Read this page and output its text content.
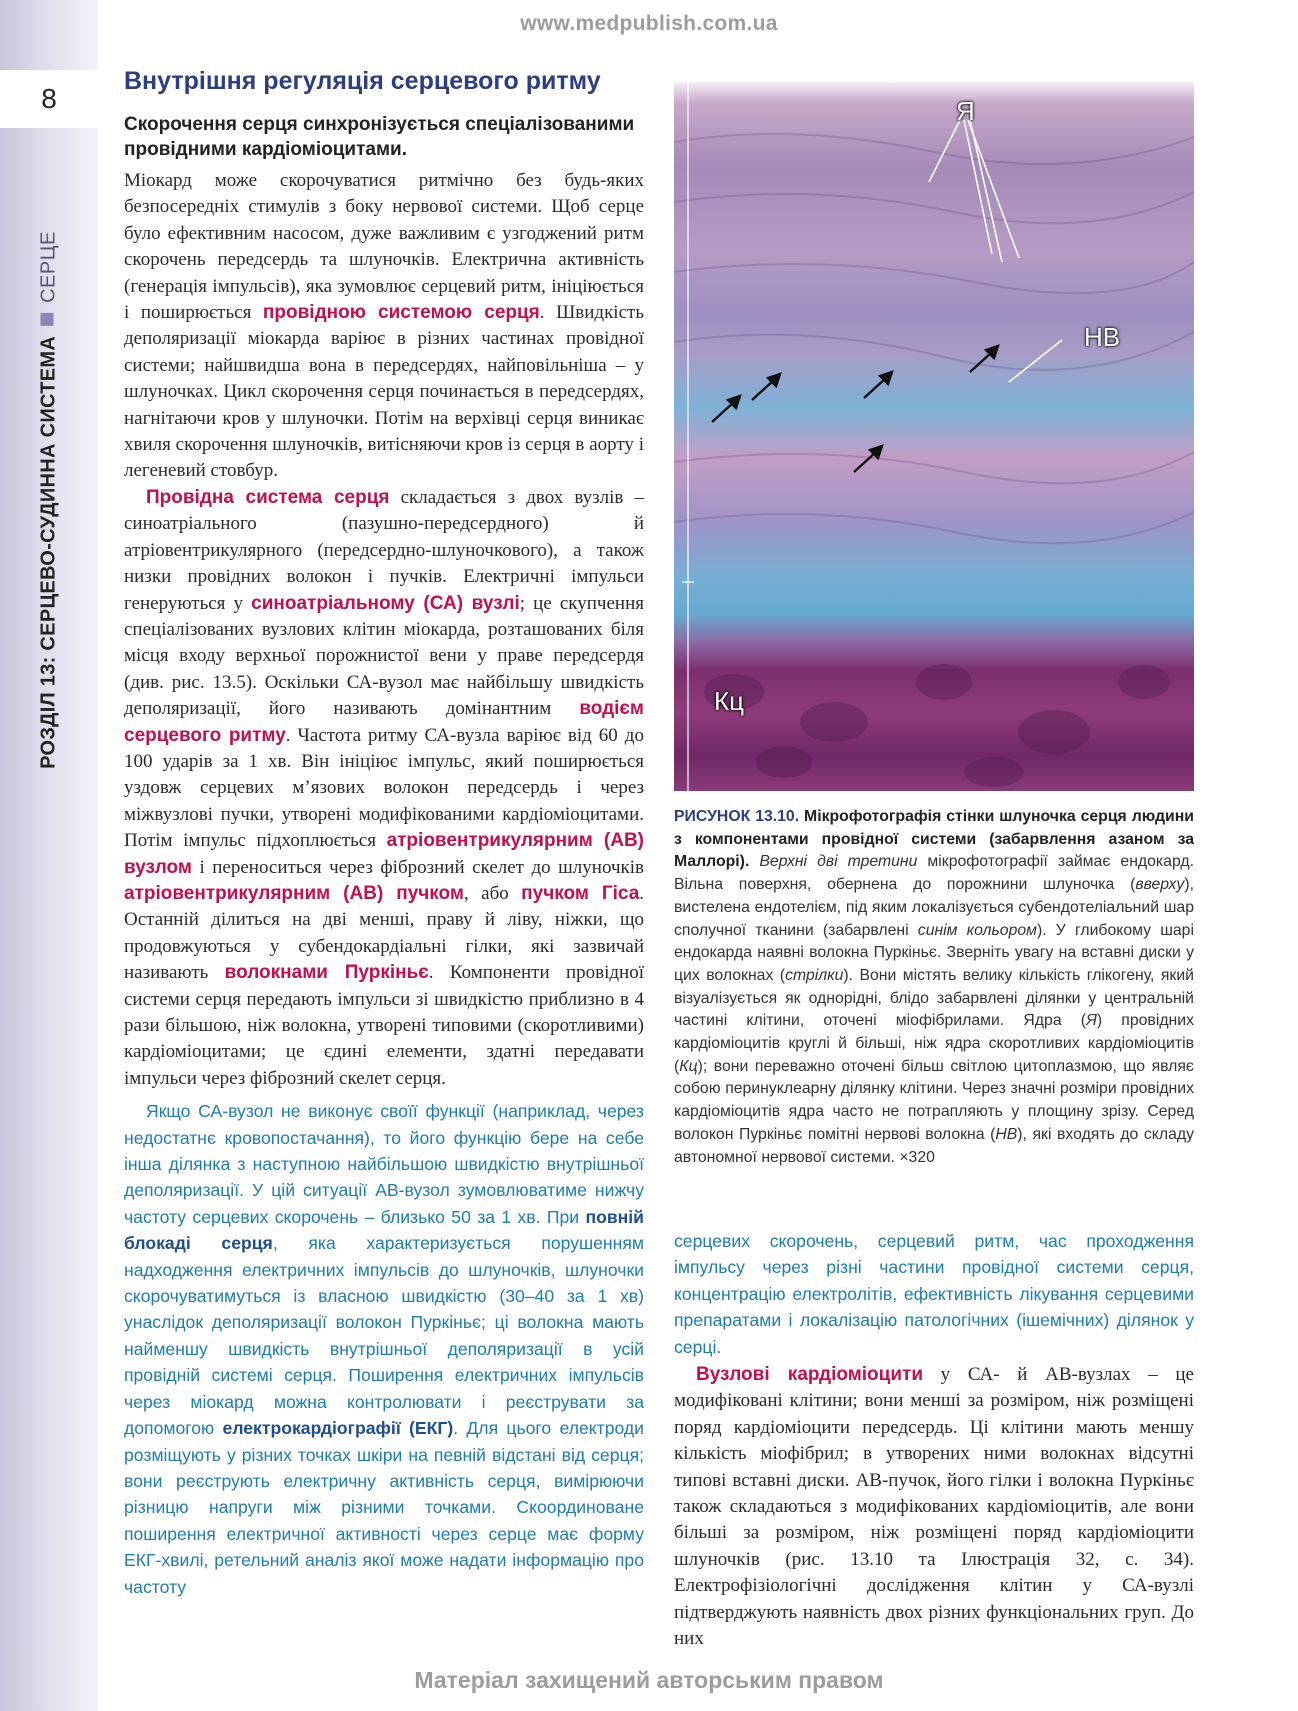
8
РОЗДІЛ 13: СЕРЦЕВО-СУДИННА СИСТЕМАСЕРЦЕ
www.medpublish.com.ua
Внутрішня регуляція серцевого ритму
Скорочення серця синхронізується спеціалізованими провідними кардіоміоцитами.

Міокард може скорочуватися ритмічно без будь-яких безпосередніх стимулів з боку нервової системи. Щоб серце було ефективним насосом, дуже важливим є узгоджений ритм скорочень передсердь та шлуночків. Електрична активність (генерація імпульсів), яка зумовлює серцевий ритм, ініціюється і поширюється провідною системою серця. Швидкість деполяризації міокарда варіює в різних частинах провідної системи; найшвидша вона в передсердях, найповільніша – у шлуночках. Цикл скорочення серця починається в передсердях, нагнітаючи кров у шлуночки. Потім на верхівці серця виникає хвиля скорочення шлуночків, витісняючи кров із серця в аорту і легеневий стовбур.

Провідна система серця складається з двох вузлів – синоатріального (пазушно-передсердного) й атріовентрикулярного (передсердно-шлуночкового), а також низки провідних волокон і пучків. Електричні імпульси генеруються у синоатріальному (СА) вузлі; це скупчення спеціалізованих вузлових клітин міокарда, розташованих біля місця входу верхньої порожнистої вени у праве передсердя (див. рис. 13.5). Оскільки СА-вузол має найбільшу швидкість деполяризації, його називають домінантним водієм серцевого ритму. Частота ритму СА-вузла варіює від 60 до 100 ударів за 1 хв. Він ініціює імпульс, який поширюється уздовж серцевих м’язових волокон передсердь і через міжвузлові пучки, утворені модифікованими кардіоміоцитами. Потім імпульс підхоплюється атріовентрикулярним (АВ) вузлом і переноситься через фіброзний скелет до шлуночків атріовентрикулярним (АВ) пучком, або пучком Гіса. Останній ділиться на дві менші, праву й ліву, ніжки, що продовжуються у субендокардіальні гілки, які зазвичай називають волокнами Пуркіньє. Компоненти провідної системи серця передають імпульси зі швидкістю приблизно в 4 рази більшою, ніж волокна, утворені типовими (скоротливими) кардіоміоцитами; це єдині елементи, здатні передавати імпульси через фіброзний скелет серця.

Якщо СА-вузол не виконує своїї функції (наприклад, через недостатнє кровопостачання), то його функцію бере на себе інша ділянка з наступною найбільшою швидкістю внутрішньої деполяризації. У цій ситуації АВ-вузол зумовлюватиме нижчу частоту серцевих скорочень – близько 50 за 1 хв. При повній блокаді серця, яка характеризується порушенням надходження електричних імпульсів до шлуночків, шлуночки скорочуватимуться із власною швидкістю (30–40 за 1 хв) унаслідок деполяризації волокон Пуркіньє; ці волокна мають найменшу швидкість внутрішньої деполяризації в усій провідній системі серця. Поширення електричних імпульсів через міокард можна контролювати і реєструвати за допомогою електрокардіографії (ЕКГ). Для цього електроди розміщують у різних точках шкіри на певній відстані від серця; вони реєструють електричну активність серця, вимірюючи різницю напруги між різними точками. Скоординоване поширення електричної активності через серце має форму ЕКГ-хвилі, ретельний аналіз якої може надати інформацію про частоту

Я
НВ
Кц
РИСУНОК 13.10. Мікрофотографія стінки шлуночка серця людини з компонентами провідної системи (забарвлення азаном за Маллорі). Верхні дві третини мікрофотографії займає ендокард. Вільна поверхня, обернена до порожнини шлуночка (вверху), вистелена ендотелієм, під яким локалізується субендотеліальний шар сполучної тканини (забарвлені синім кольором). У глибокому шарі ендокарда наявні волокна Пуркіньє. Зверніть увагу на вставні диски у цих волокнах (стрілки). Вони містять велику кількість глікогену, який візуалізується як однорідні, блідо забарвлені ділянки у центральній частині клітини, оточені міофібрилами. Ядра (Я) провідних кардіоміоцитів круглі й більші, ніж ядра скоротливих кардіоміоцитів (Кц); вони переважно оточені більш світлою цитоплазмою, що являє собою перинуклеарну ділянку клітини. Через значні розміри провідних кардіоміоцитів ядра часто не потрапляють у площину зрізу. Серед волокон Пуркіньє помітні нервові волокна (НВ), які входять до складу автономної нервової системи. ×320

серцевих скорочень, серцевий ритм, час проходження імпульсу через різні частини провідної системи серця, концентрацію електролітів, ефективність лікування серцевими препаратами і локалізацію патологічних (ішемічних) ділянок у серці.

Вузлові кардіоміоцити у СА- й АВ-вузлах – це модифіковані клітини; вони менші за розміром, ніж розміщені поряд кардіоміоцити передсердь. Ці клітини мають меншу кількість міофібрил; в утворених ними волокнах відсутні типові вставні диски. АВ-пучок, його гілки і волокна Пуркіньє також складаються з модифікованих кардіоміоцитів, але вони більші за розміром, ніж розміщені поряд кардіоміоцити шлуночків (рис. 13.10 та Ілюстрація 32, с. 34). Електрофізіологічні дослідження клітин у СА-вузлі підтверджують наявність двох різних функціональних груп. До них

Матеріал захищений авторським правом
